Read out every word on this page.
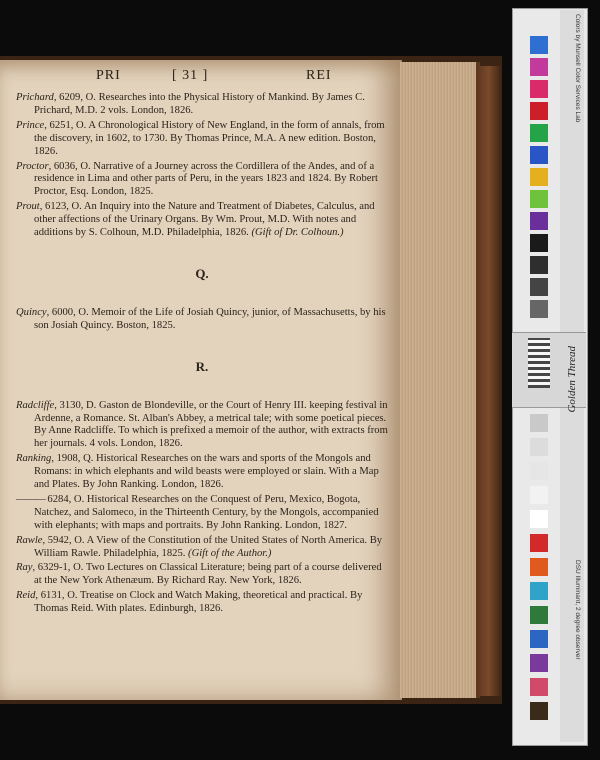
PRI	[ 31 ]	REI

Prichard, 6209, O. Researches into the Physical History of Mankind. By James C. Prichard, M.D. 2 vols. London, 1826.

Prince, 6251, O. A Chronological History of New England, in the form of annals, from the discovery, in 1602, to 1730. By Thomas Prince, M.A. A new edition. Boston, 1826.

Proctor, 6036, O. Narrative of a Journey across the Cordillera of the Andes, and of a residence in Lima and other parts of Peru, in the years 1823 and 1824. By Robert Proctor, Esq. London, 1825.

Prout, 6123, O. An Inquiry into the Nature and Treatment of Diabetes, Calculus, and other affections of the Urinary Organs. By Wm. Prout, M.D. With notes and additions by S. Colhoun, M.D. Philadelphia, 1826. (Gift of Dr. Colhoun.)

Q.

Quincy, 6000, O. Memoir of the Life of Josiah Quincy, junior, of Massachusetts, by his son Josiah Quincy. Boston, 1825.

R.

Radcliffe, 3130, D. Gaston de Blondeville, or the Court of Henry III. keeping festival in Ardenne, a Romance. St. Alban's Abbey, a metrical tale; with some poetical pieces. By Anne Radcliffe. To which is prefixed a memoir of the author, with extracts from her journals. 4 vols. London, 1826.

Ranking, 1908, Q. Historical Researches on the wars and sports of the Mongols and Romans: in which elephants and wild beasts were employed or slain. With a Map and Plates. By John Ranking. London, 1826.

——— 6284, O. Historical Researches on the Conquest of Peru, Mexico, Bogota, Natchez, and Salomeco, in the Thirteenth Century, by the Mongols, accompanied with elephants; with maps and portraits. By John Ranking. London, 1827.

Rawle, 5942, O. A View of the Constitution of the United States of North America. By William Rawle. Philadelphia, 1825. (Gift of the Author.)

Ray, 6329-1, O. Two Lectures on Classical Literature; being part of a course delivered at the New York Athenæum. By Richard Ray. New York, 1826.

Reid, 6131, O. Treatise on Clock and Watch Making, theoretical and practical. By Thomas Reid. With plates. Edinburgh, 1826.

Colors by Munsell Color Services Lab
DSU Illuminant, 2 degree observer
Golden Thread
